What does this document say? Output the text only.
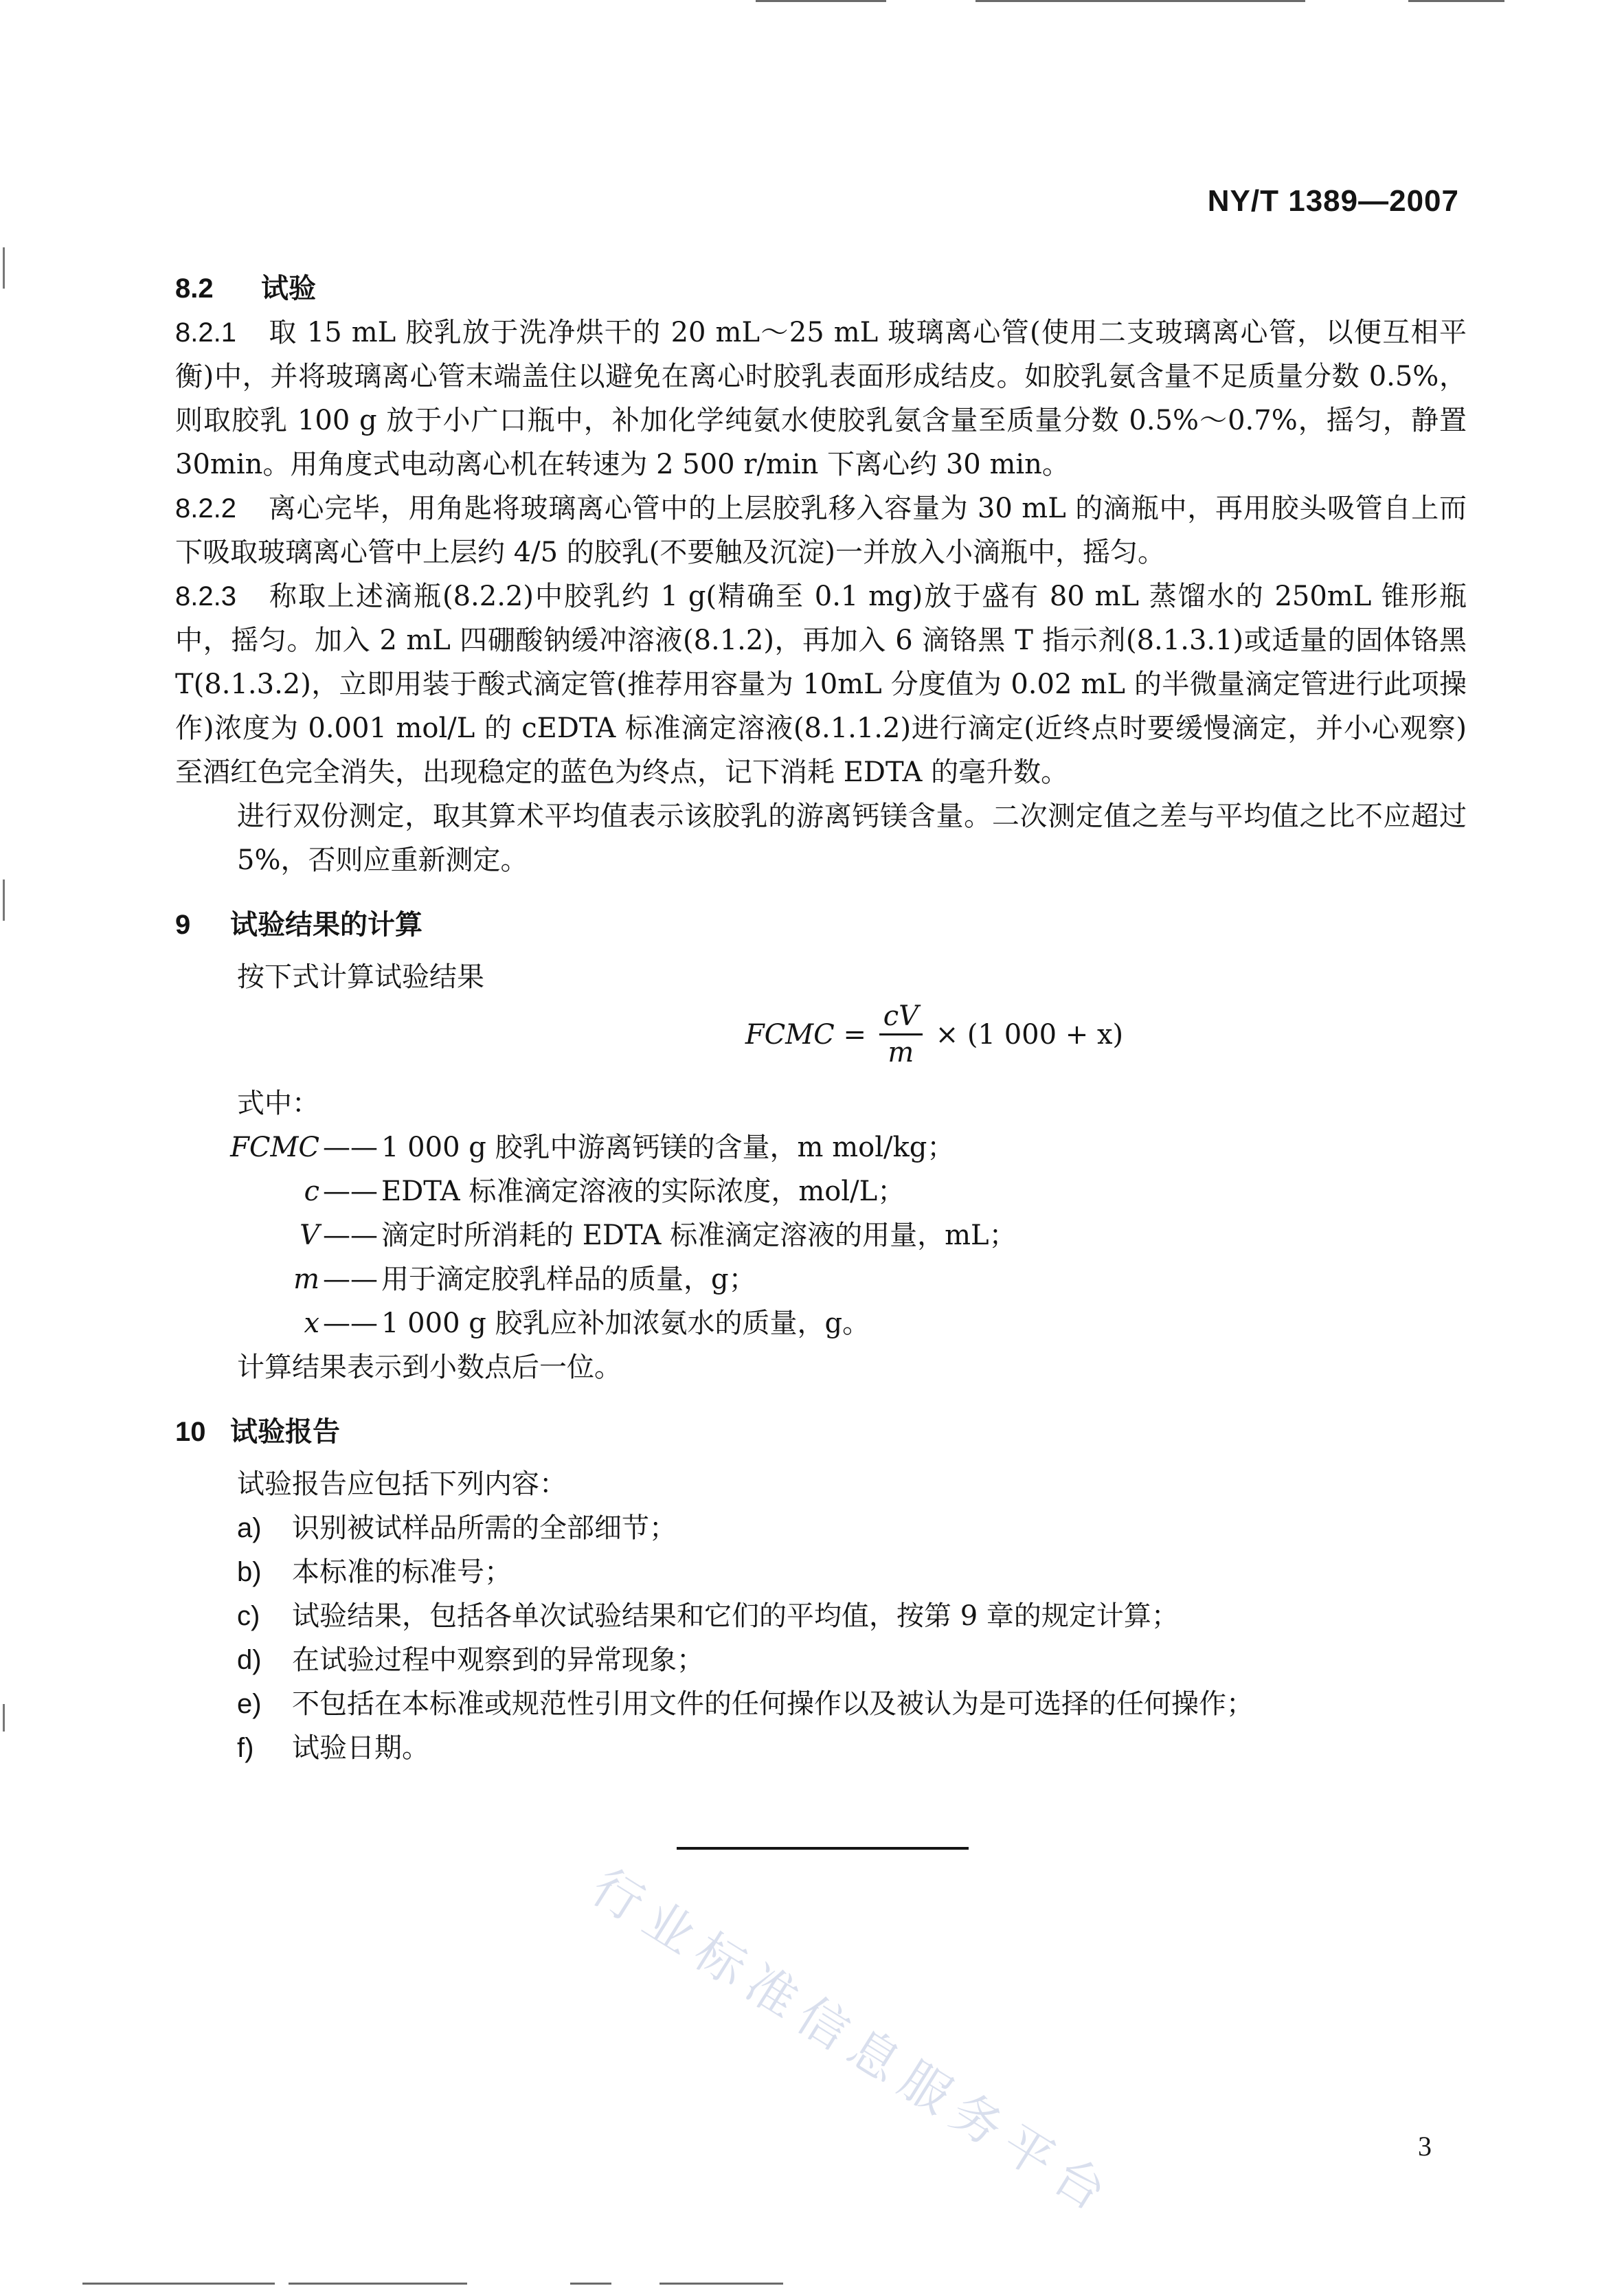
NY/T 1389—2007
8.2 试验

8.2.1 取 15 mL 胶乳放于洗净烘干的 20 mL～25 mL 玻璃离心管(使用二支玻璃离心管，以便互相平衡)中，并将玻璃离心管末端盖住以避免在离心时胶乳表面形成结皮。如胶乳氨含量不足质量分数 0.5%，则取胶乳 100 g 放于小广口瓶中，补加化学纯氨水使胶乳氨含量至质量分数 0.5%～0.7%，摇匀，静置 30min。用角度式电动离心机在转速为 2 500 r/min 下离心约 30 min。

8.2.2 离心完毕，用角匙将玻璃离心管中的上层胶乳移入容量为 30 mL 的滴瓶中，再用胶头吸管自上而下吸取玻璃离心管中上层约 4/5 的胶乳(不要触及沉淀)一并放入小滴瓶中，摇匀。

8.2.3 称取上述滴瓶(8.2.2)中胶乳约 1 g(精确至 0.1 mg)放于盛有 80 mL 蒸馏水的 250mL 锥形瓶中，摇匀。加入 2 mL 四硼酸钠缓冲溶液(8.1.2)，再加入 6 滴铬黑 T 指示剂(8.1.3.1)或适量的固体铬黑 T(8.1.3.2)，立即用装于酸式滴定管(推荐用容量为 10mL 分度值为 0.02 mL 的半微量滴定管进行此项操作)浓度为 0.001 mol/L 的 cEDTA 标准滴定溶液(8.1.1.2)进行滴定(近终点时要缓慢滴定，并小心观察)至酒红色完全消失，出现稳定的蓝色为终点，记下消耗 EDTA 的毫升数。

进行双份测定，取其算术平均值表示该胶乳的游离钙镁含量。二次测定值之差与平均值之比不应超过 5%，否则应重新测定。

9 试验结果的计算

按下式计算试验结果

FCMC = $\frac{cV}{m} \times (1$ 000 + x)

式中：

FCMC —— 1 000 g 胶乳中游离钙镁的含量，m mol/kg；
c —— EDTA 标准滴定溶液的实际浓度，mol/L；
V —— 滴定时所消耗的 EDTA 标准滴定溶液的用量，mL；
m —— 用于滴定胶乳样品的质量，g；
x —— 1 000 g 胶乳应补加浓氨水的质量，g。

计算结果表示到小数点后一位。

10 试验报告

试验报告应包括下列内容：

a)	识别被试样品所需的全部细节；
b)	本标准的标准号；
c)	试验结果，包括各单次试验结果和它们的平均值，按第 9 章的规定计算；
d)	在试验过程中观察到的异常现象；
e)	不包括在本标准或规范性引用文件的任何操作以及被认为是可选择的任何操作；
f)	试验日期。
行业标准信息服务平台	3
